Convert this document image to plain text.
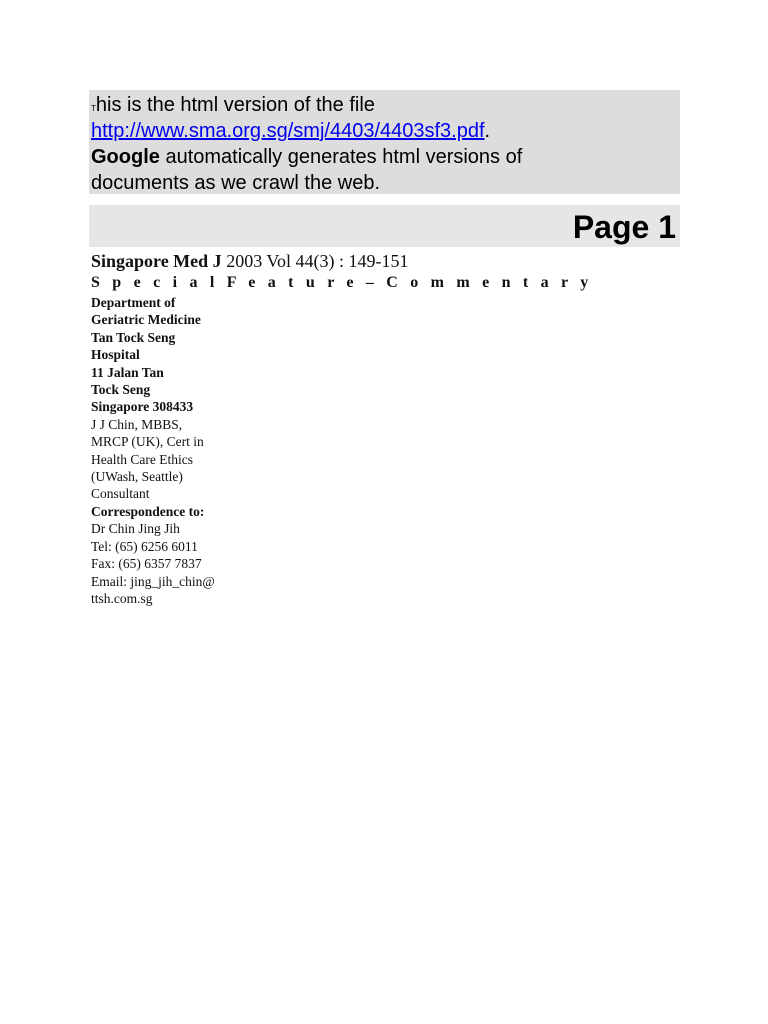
This is the html version of the file
http://www.sma.org.sg/smj/4403/4403sf3.pdf.
Google automatically generates html versions of
documents as we crawl the web.
Page 1

Singapore Med J 2003 Vol 44(3) : 149-151

S p e c i a l F e a t u r e – C o m m e n t a r y

Department of

Geriatric Medicine

Tan Tock Seng

Hospital

11 Jalan Tan

Tock Seng

Singapore 308433

J J Chin, MBBS,

MRCP (UK), Cert in

Health Care Ethics

(UWash, Seattle)

Consultant

Correspondence to:

Dr Chin Jing Jih

Tel: (65) 6256 6011

Fax: (65) 6357 7837

Email: jing_jih_chin@

ttsh.com.sg
